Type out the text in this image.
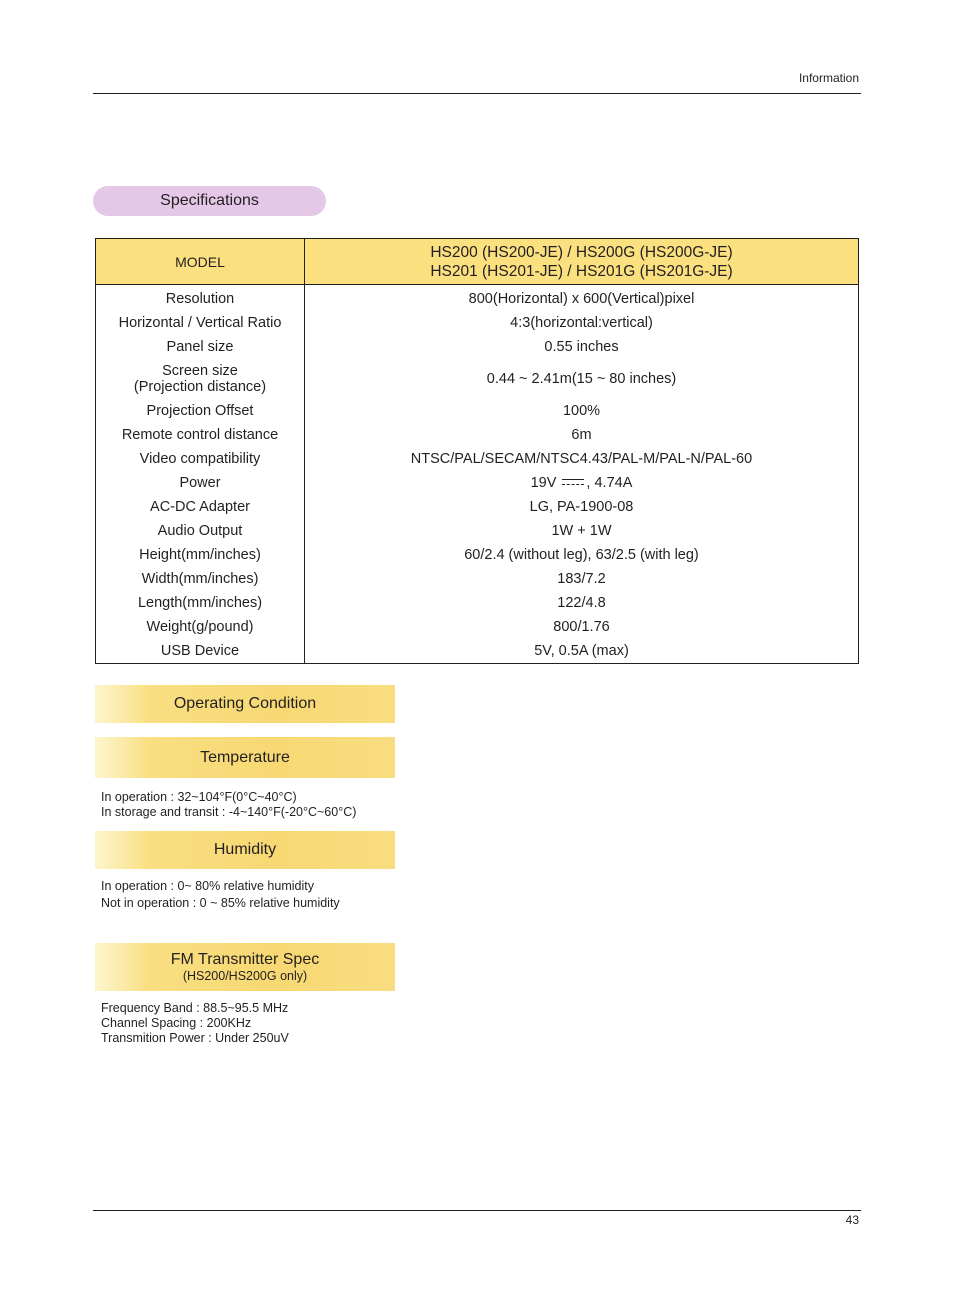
Information
Specifications
MODEL	HS200 (HS200-JE) / HS200G (HS200G-JE)
HS201 (HS201-JE) / HS201G (HS201G-JE)

Resolution	800(Horizontal) x 600(Vertical)pixel
Horizontal / Vertical Ratio	4:3(horizontal:vertical)
Panel size	0.55 inches

Screen size
(Projection distance)	0.44 ~ 2.41m(15 ~ 80 inches)
Projection Offset	100%
Remote control distance	6m
Video compatibility	NTSC/PAL/SECAM/NTSC4.43/PAL-M/PAL-N/PAL-60
Power	19V , 4.74A
AC-DC Adapter	LG, PA-1900-08
Audio Output	1W + 1W
Height(mm/inches)	60/2.4 (without leg), 63/2.5 (with leg)
Width(mm/inches)	183/7.2
Length(mm/inches)	122/4.8
Weight(g/pound)	800/1.76
USB Device	5V, 0.5A (max)
Operating Condition
Temperature
In operation : 32~104°F(0°C~40°C)
In storage and transit : -4~140°F(-20°C~60°C)
Humidity
In operation : 0~ 80% relative humidity
Not in operation : 0 ~ 85% relative humidity
FM Transmitter Spec
(HS200/HS200G only)
Frequency Band : 88.5~95.5 MHz
Channel Spacing : 200KHz
Transmition Power : Under 250uV
43
